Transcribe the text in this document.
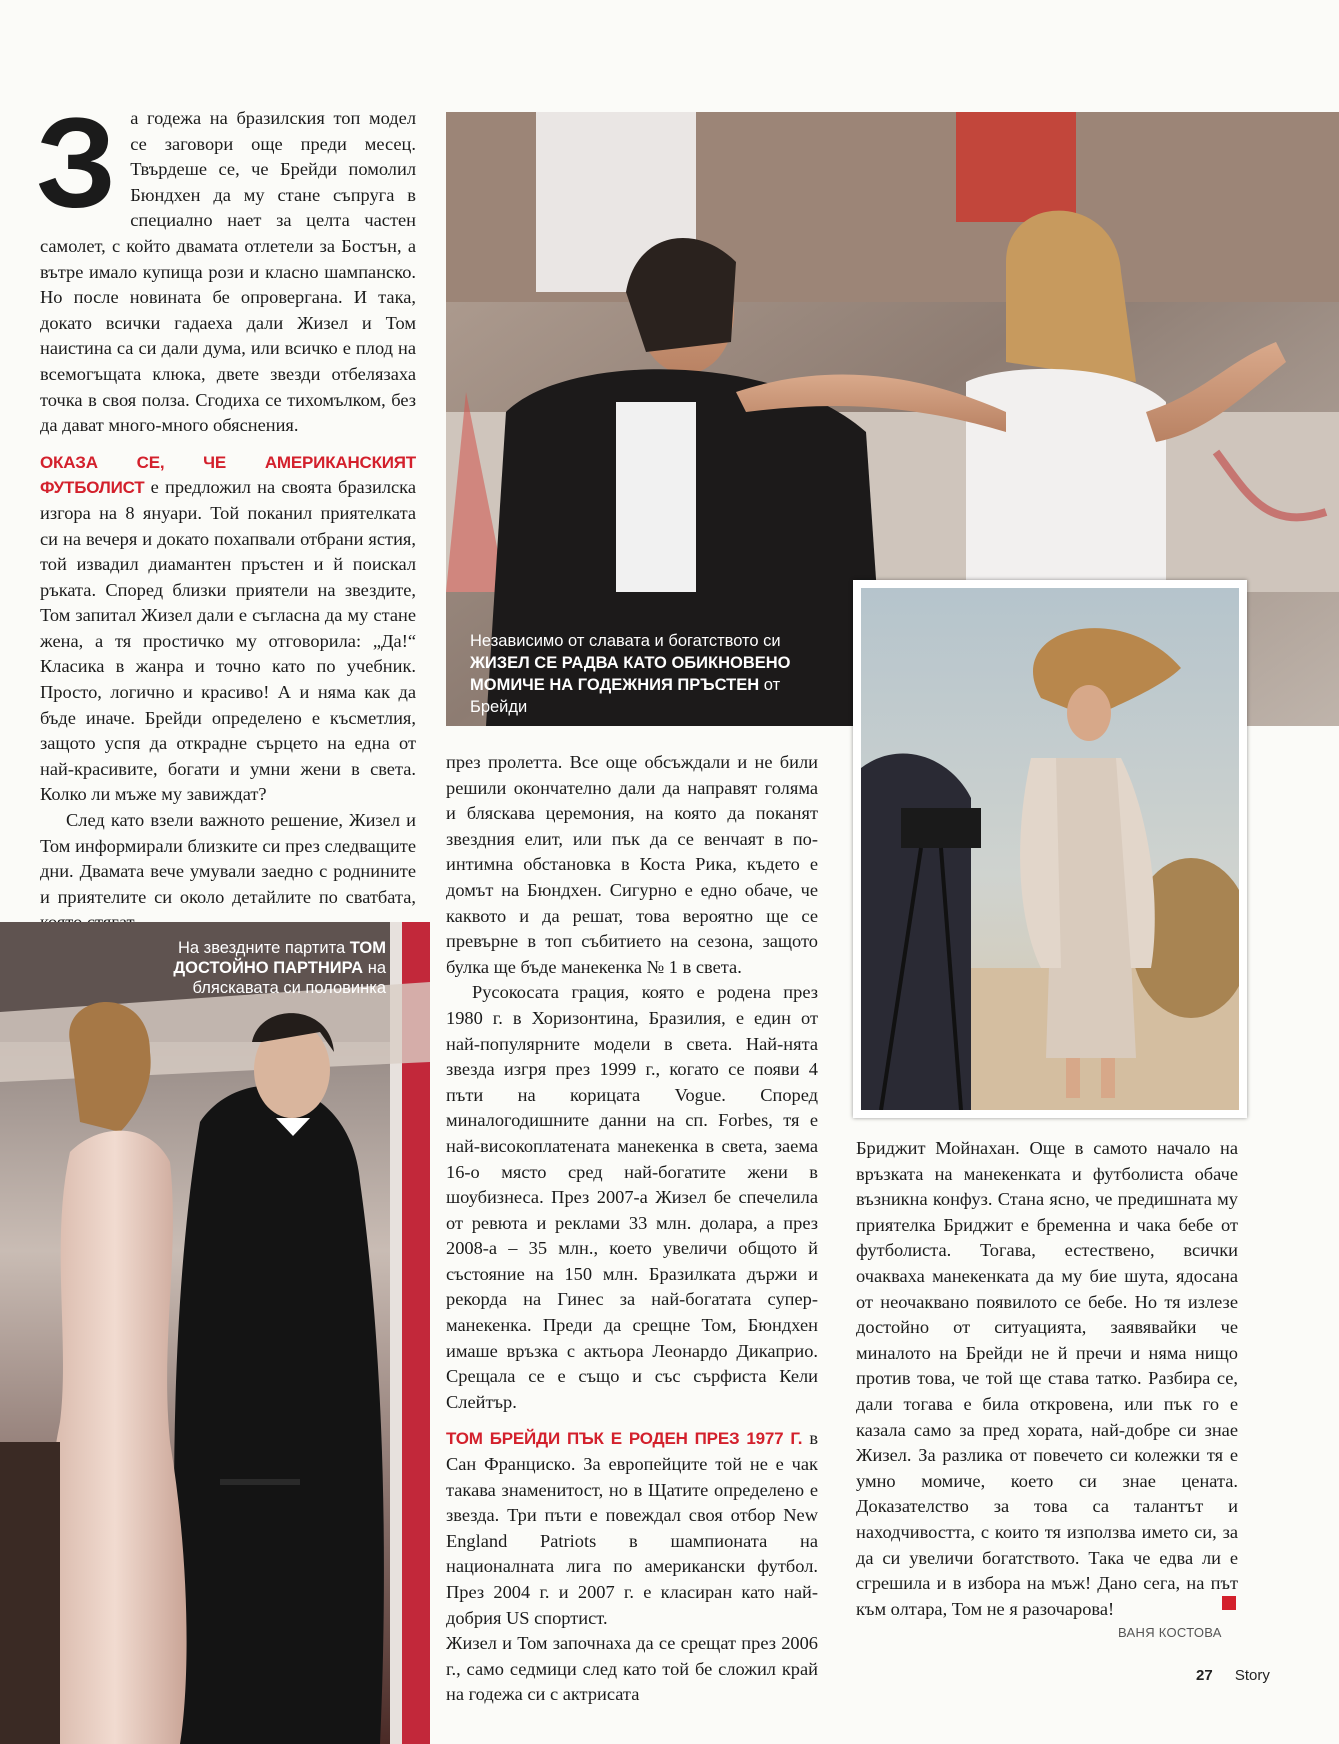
З а годежа на бразилския топ модел се заговори още преди месец. Твърдеше се, че Брейди помолил Бюндхен да му стане съпруга в специално нает за целта частен самолет, с който двамата отлетели за Бостън, а вътре имало купища рози и класно шампанско. Но после новината бе опровергана. И така, докато всички гадаеха дали Жизел и Том наистина са си дали дума, или всичко е плод на всемогъщата клюка, двете звезди отбелязаха точка в своя полза. Сгодиха се тихомълком, без да дават много-много обяснения.

ОКАЗА СЕ, ЧЕ АМЕРИКАНСКИЯТ ФУТБОЛИСТ е предложил на своята бразилска изгора на 8 януари. Той поканил приятелката си на вечеря и докато похапвали отбрани ястия, той извадил диамантен пръстен и й поискал ръката. Според близки приятели на звездите, Том запитал Жизел дали е съгласна да му стане жена, а тя простичко му отговорила: „Да!“ Класика в жанра и точно като по учебник. Просто, логично и красиво! А и няма как да бъде иначе. Брейди определено е късметлия, защото успя да открадне сърцето на една от най-красивите, богати и умни жени в света. Колко ли мъже му завиждат?

След като взели важното решение, Жизел и Том информирали близките си през следващите дни. Двамата вече умували заедно с роднините и приятелите си около детайлите по сватбата,

Независимо от славата и богатството си ЖИЗЕЛ СЕ РАДВА КАТО ОБИКНОВЕНО МОМИЧЕ НА ГОДЕЖНИЯ ПРЪСТЕН от Брейди
На звездните партита ТОМ ДОСТОЙНО ПАРТНИРА на бляскавата си половинка

през пролетта. Все още обсъждали и не били решили окончателно дали да направят голяма и бляскава церемония, на която да поканят звездния елит, или пък да се венчаят в по-интимна обстановка в Коста Рика, където е домът на Бюндхен. Сигурно е едно обаче, че каквото и да решат, това вероятно ще се превърне в топ събитието на сезона, защото булка ще бъде манекенка № 1 в света.

Русокосата грация, която е родена през 1980 г. в Хоризонтина, Бразилия, е един от най-популярните модели в света. Най-нята звезда изгря през 1999 г., когато се появи 4 пъти на корицата Vogue. Според миналогодишните данни на сп. Forbes, тя е най-високоплатената манекенка в света, заема 16-о място сред най-богатите жени в шоубизнеса. През 2007-а Жизел бе спечелила от ревюта и реклами 33 млн. долара, а през 2008-а – 35 млн., което увеличи общото й състояние на 150 млн. Бразилката държи и рекорда на Гинес за най-богатата суперманекенка. Преди да срещне Том, Бюндхен имаше връзка с актьора Леонардо Дикаприо. Срещала се е също и със сърфиста Кели Слейтър.

ТОМ БРЕЙДИ ПЪК Е РОДЕН ПРЕЗ 1977 Г. в Сан Франциско. За европейците той не е чак такава знаменитост, но в Щатите определено е звезда. Три пъти е повеждал своя отбор New England Patriots в шампионата на националната лига по американски футбол. През 2004 г. и 2007 г. е класиран като най-добрия US спортист.

Жизел и Том започнаха да се срещат през 2006 г., само седмици след като той бе сложил край на годежа си с актрисата

Бриджит Мойнахан. Още в самото начало на връзката на манекенката и футболиста обаче възникна конфуз. Стана ясно, че предишната му приятелка Бриджит е бременна и чака бебе от футболиста. Тогава, естествено, всички очакваха манекенката да му бие шута, ядосана от неочаквано появилото се бебе. Но тя излезе достойно от ситуацията, заявявайки че миналото на Брейди не й пречи и няма нищо против това, че той ще става татко. Разбира се, дали тогава е била откровена, или пък го е казала само за пред хората, най-добре си знае Жизел. За разлика от повечето си колежки тя е умно момиче, което си знае цената. Доказателство за това са талантът и находчивостта, с които тя използва името си, за да си увеличи богатството. Така че едва ли е сгрешила и в избора на мъж! Дано сега, на път към олтара, Том не я разочарова!

ВАНЯ КОСТОВА
27 Story
